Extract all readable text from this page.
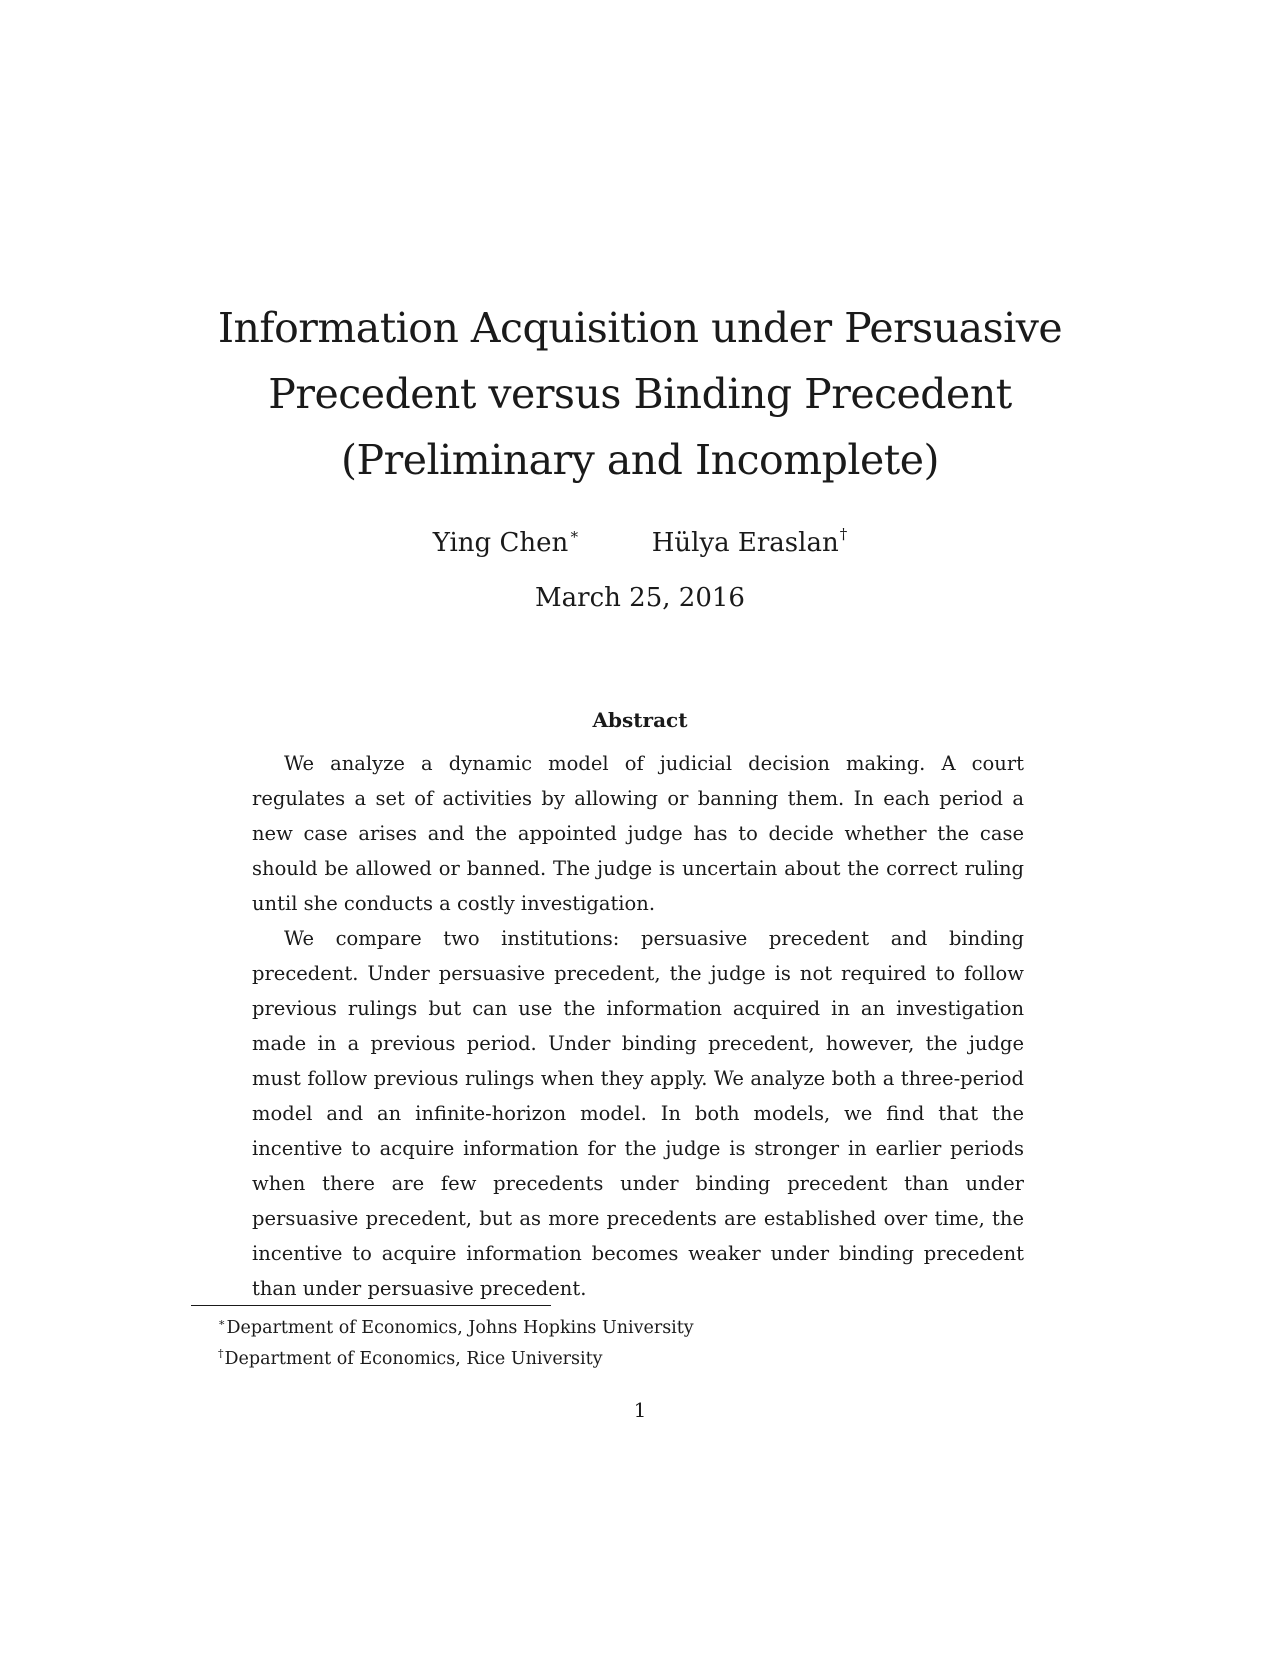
Information Acquisition under Persuasive

Precedent versus Binding Precedent

(Preliminary and Incomplete)

Ying Chen∗	Hülya Eraslan†
March 25, 2016
Abstract

We analyze a dynamic model of judicial decision making. A court regulates a set of activities by allowing or banning them. In each period a new case arises and the appointed judge has to decide whether the case should be allowed or banned. The judge is uncertain about the correct ruling until she conducts a costly investigation.

We compare two institutions: persuasive precedent and binding precedent. Under persuasive precedent, the judge is not required to follow previous rulings but can use the information acquired in an investigation made in a previous period. Under binding precedent, however, the judge must follow previous rulings when they apply. We analyze both a three-period model and an infinite-horizon model. In both models, we find that the incentive to acquire information for the judge is stronger in earlier periods when there are few precedents under binding precedent than under persuasive precedent, but as more precedents are established over time, the incentive to acquire information becomes weaker under binding precedent than under persuasive precedent.

∗Department of Economics, Johns Hopkins University

†Department of Economics, Rice University

1
